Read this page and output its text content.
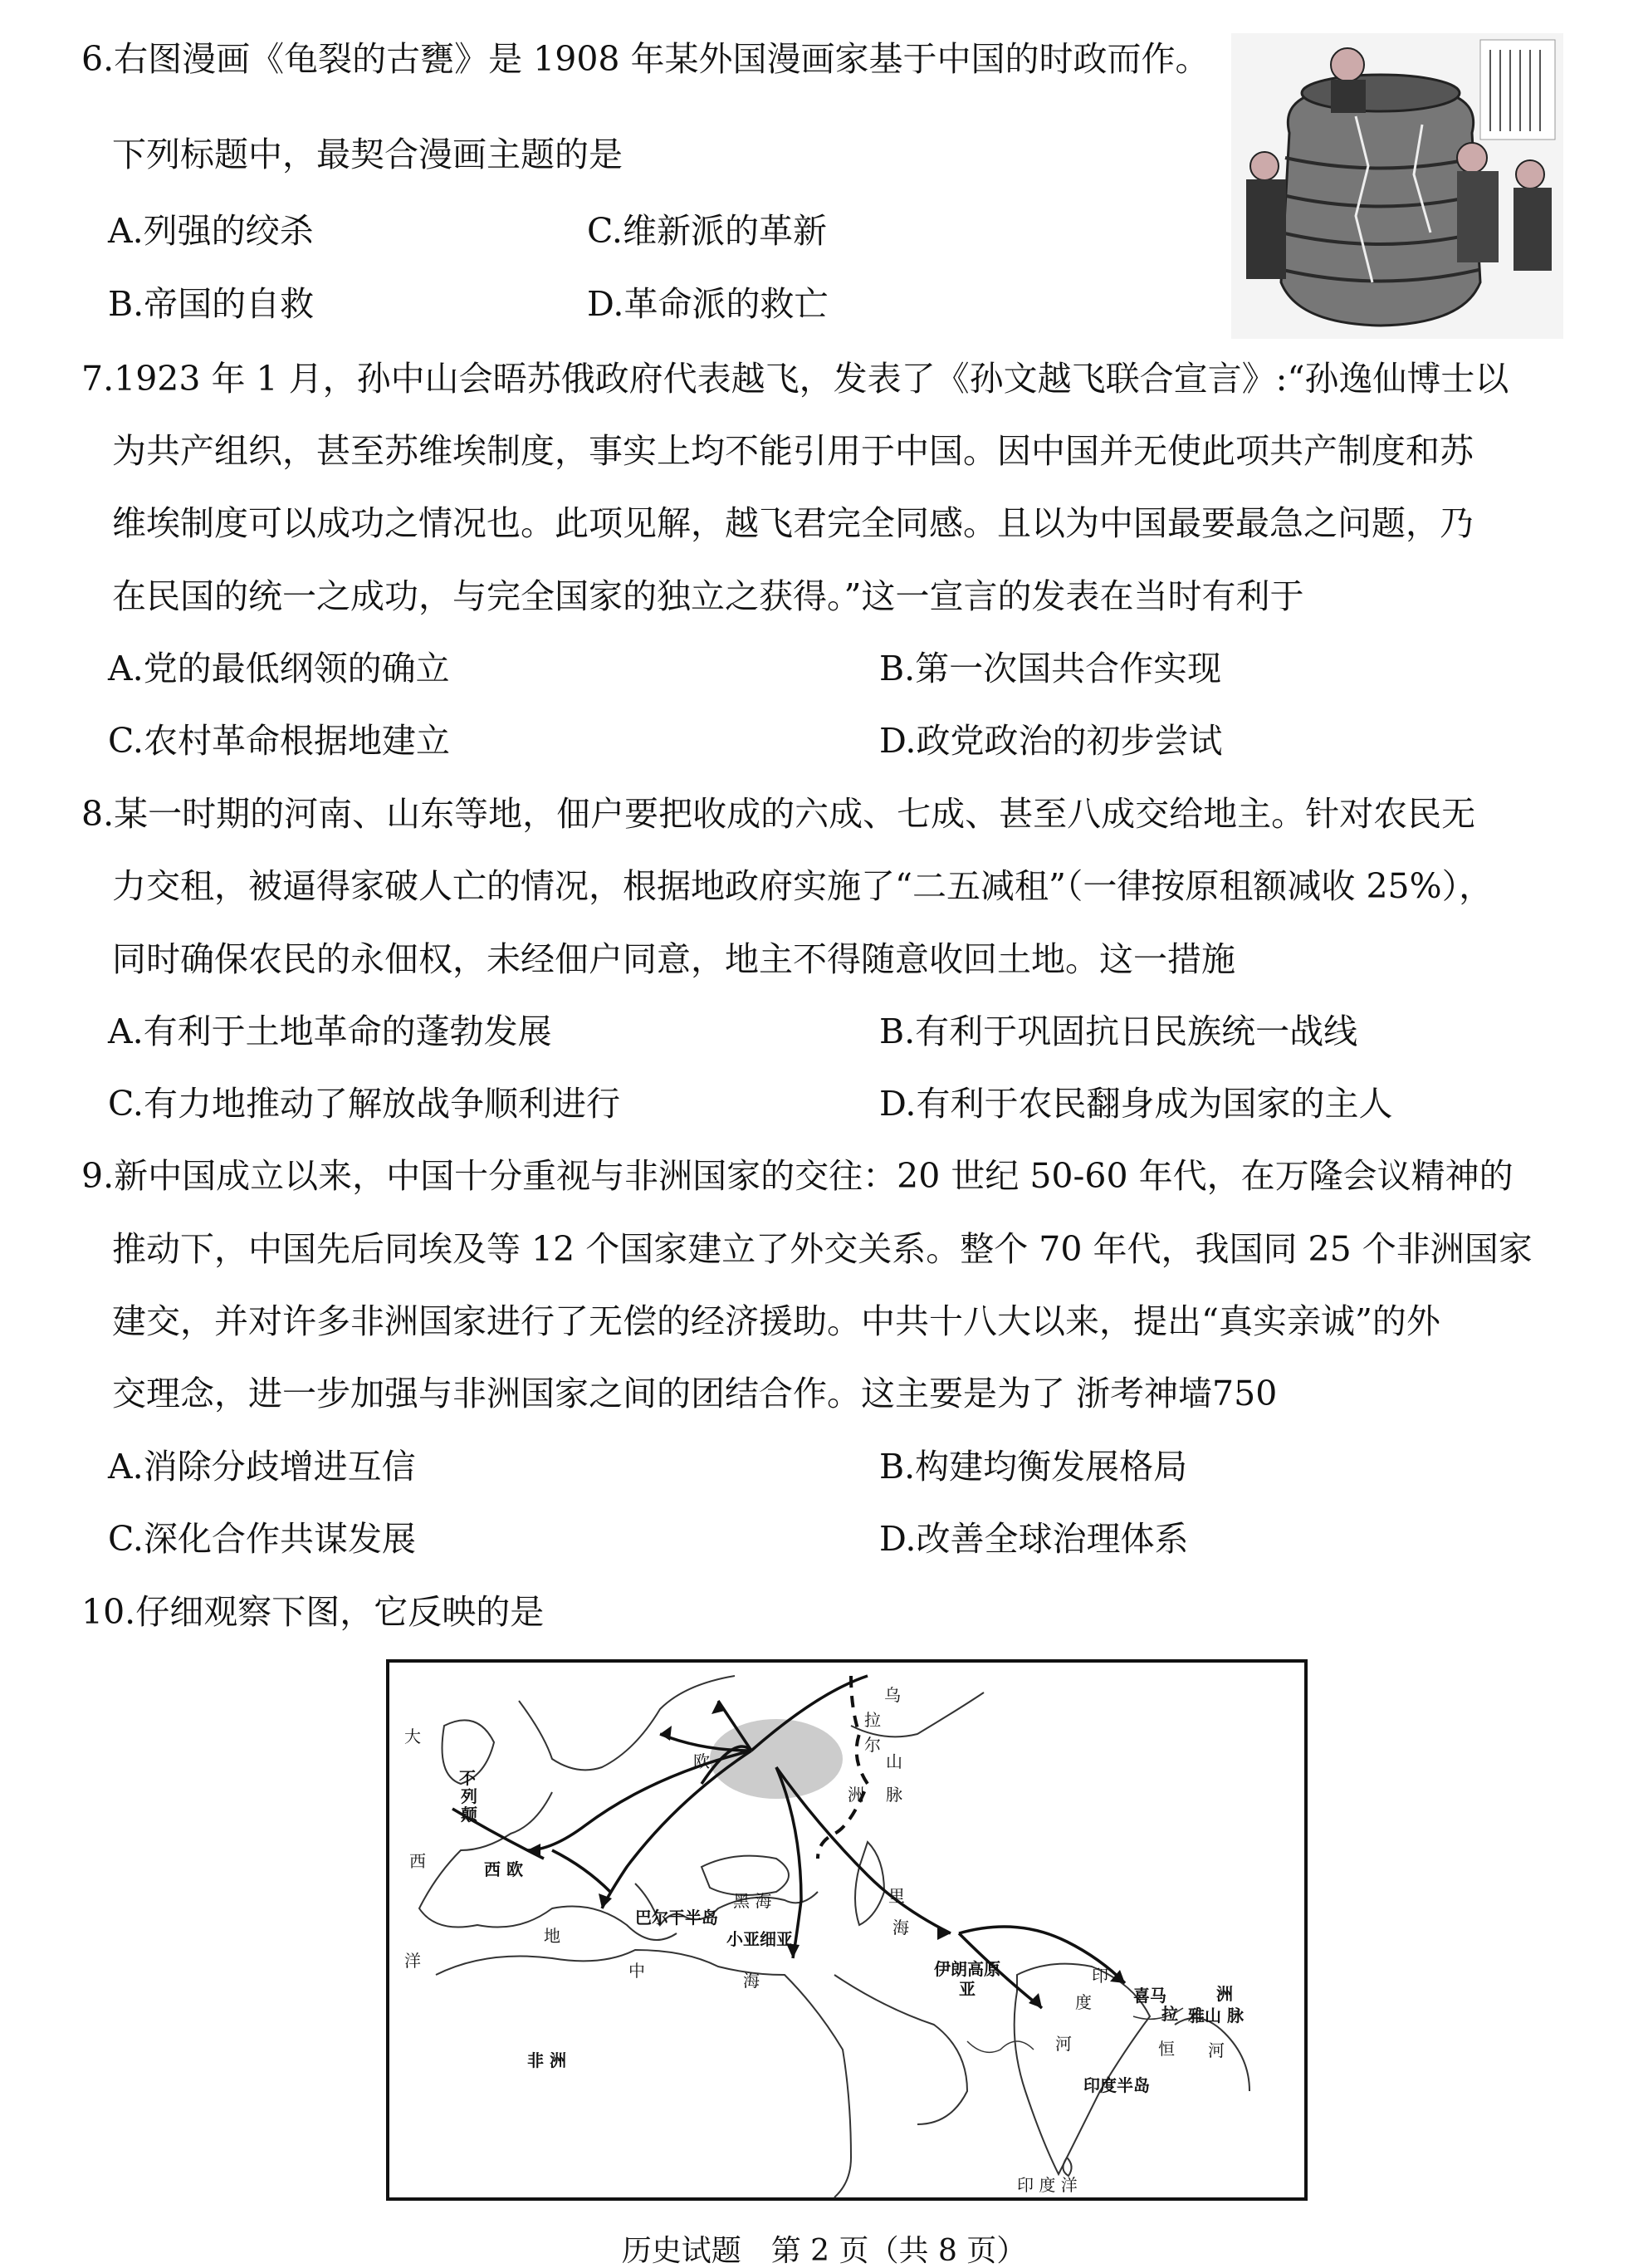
6.右图漫画《龟裂的古甕》是 1908 年某外国漫画家基于中国的时政而作。
下列标题中，最契合漫画主题的是
A.列强的绞杀	C.维新派的革新
B.帝国的自救	D.革命派的救亡
7.1923 年 1 月，孙中山会晤苏俄政府代表越飞，发表了《孙文越飞联合宣言》:“孙逸仙博士以
为共产组织，甚至苏维埃制度，事实上均不能引用于中国。因中国并无使此项共产制度和苏
维埃制度可以成功之情况也。此项见解，越飞君完全同感。且以为中国最要最急之问题，乃
在民国的统一之成功，与完全国家的独立之获得。”这一宣言的发表在当时有利于
A.党的最低纲领的确立	B.第一次国共合作实现
C.农村革命根据地建立	D.政党政治的初步尝试
8.某一时期的河南、山东等地，佃户要把收成的六成、七成、甚至八成交给地主。针对农民无
力交租，被逼得家破人亡的情况，根据地政府实施了“二五减租”（一律按原租额减收 25%），
同时确保农民的永佃权，未经佃户同意，地主不得随意收回土地。这一措施
A.有利于土地革命的蓬勃发展	B.有利于巩固抗日民族统一战线
C.有力地推动了解放战争顺利进行	D.有利于农民翻身成为国家的主人
9.新中国成立以来，中国十分重视与非洲国家的交往：20 世纪 50-60 年代，在万隆会议精神的
推动下，中国先后同埃及等 12 个国家建立了外交关系。整个 70 年代，我国同 25 个非洲国家
建交，并对许多非洲国家进行了无偿的经济援助。中共十八大以来，提出“真实亲诚”的外
交理念，进一步加强与非洲国家之间的团结合作。这主要是为了 浙考神墙750
A.消除分歧增进互信	B.构建均衡发展格局
C.深化合作共谋发展	D.改善全球治理体系
10.仔细观察下图，它反映的是
大
西
洋
不
列
颠
西 欧
欧
巴尔干半岛
黑 海
小亚细亚
地
中	海
里
海
伊朗高原
亚
乌
拉
尔
山
脉
洲
非 洲
印
度
河
喜马
拉
洲
雅山 脉
恒 河
印度半岛
印 度 洋
历史试题　第 2 页（共 8 页）
